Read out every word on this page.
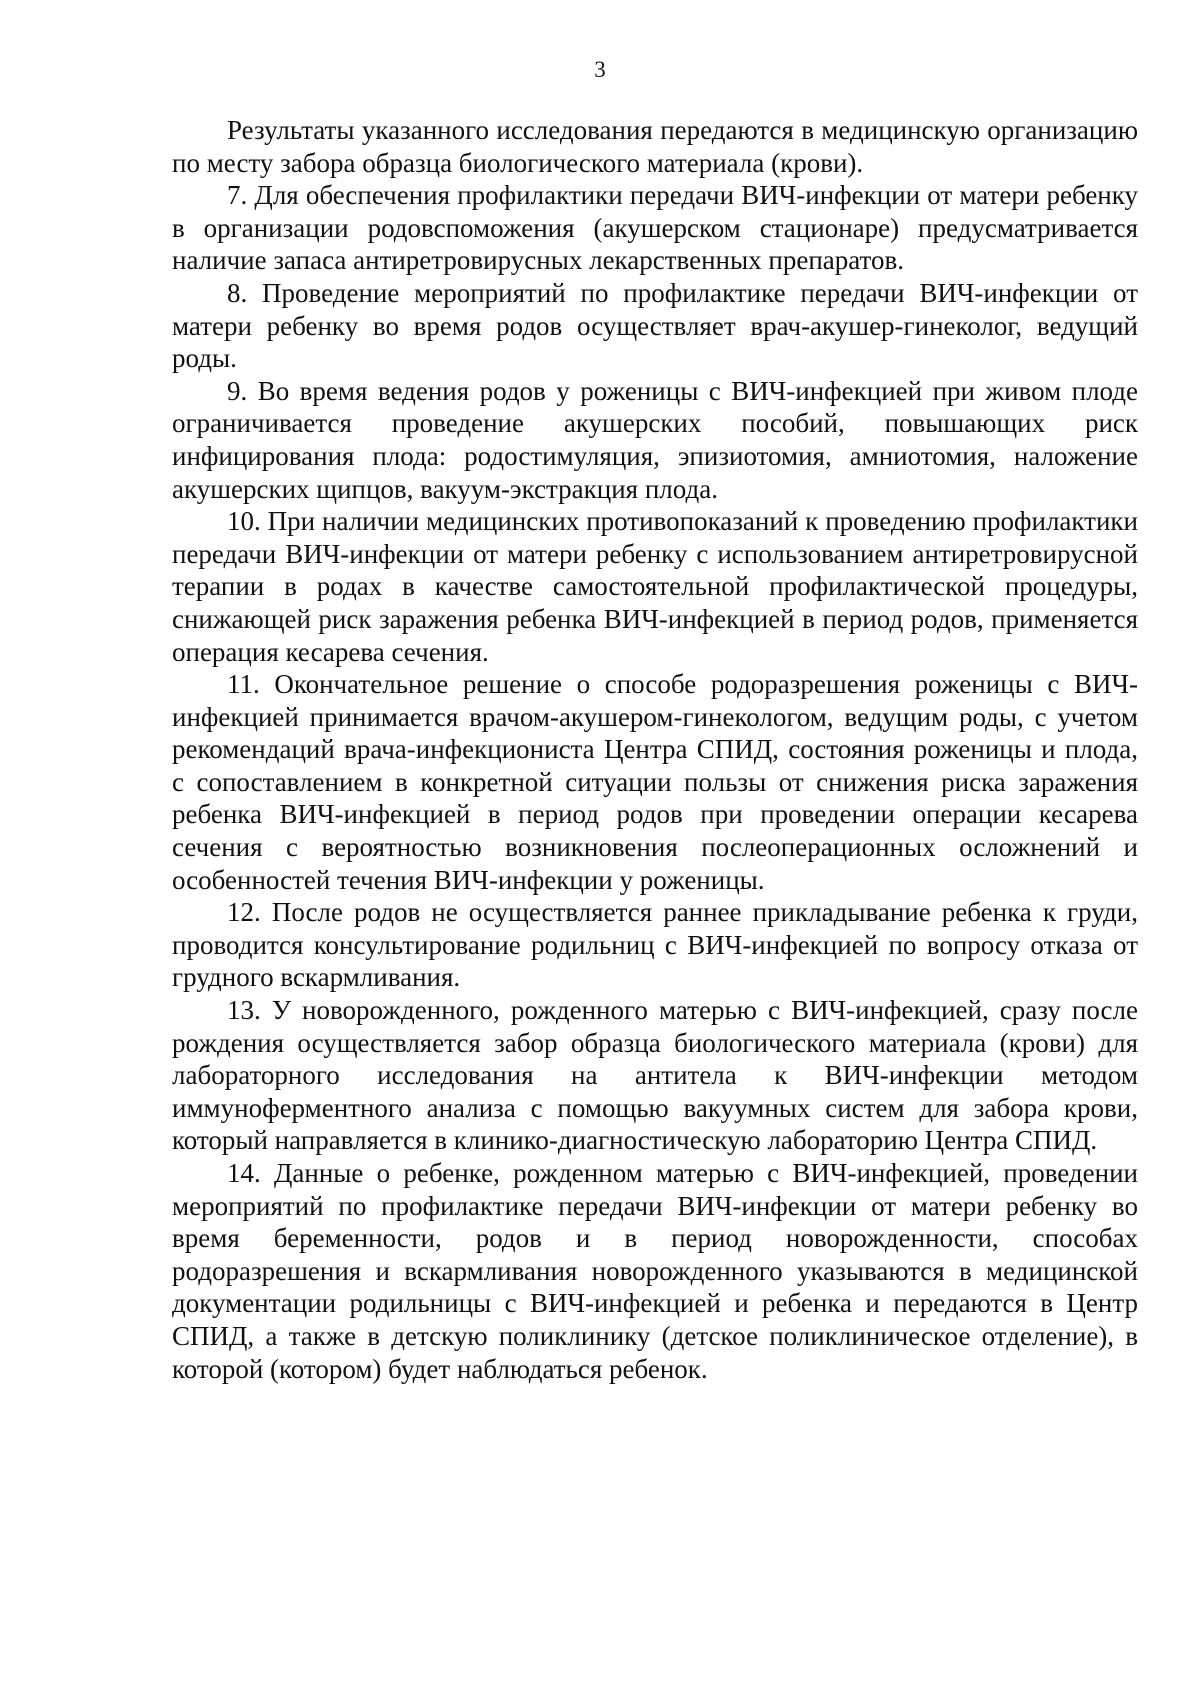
3

Результаты указанного исследования передаются в медицинскую организацию по месту забора образца биологического материала (крови).

7. Для обеспечения профилактики передачи ВИЧ-инфекции от матери ребенку в организации родовспоможения (акушерском стационаре) предусматривается наличие запаса антиретровирусных лекарственных препаратов.

8. Проведение мероприятий по профилактике передачи ВИЧ-инфекции от матери ребенку во время родов осуществляет врач-акушер-гинеколог, ведущий роды.

9. Во время ведения родов у роженицы с ВИЧ-инфекцией при живом плоде ограничивается проведение акушерских пособий, повышающих риск инфицирования плода: родостимуляция, эпизиотомия, амниотомия, наложение акушерских щипцов, вакуум-экстракция плода.

10. При наличии медицинских противопоказаний к проведению профилактики передачи ВИЧ-инфекции от матери ребенку с использованием антиретровирусной терапии в родах в качестве самостоятельной профилактической процедуры, снижающей риск заражения ребенка ВИЧ-инфекцией в период родов, применяется операция кесарева сечения.

11. Окончательное решение о способе родоразрешения роженицы с ВИЧ-инфекцией принимается врачом-акушером-гинекологом, ведущим роды, с учетом рекомендаций врача-инфекциониста Центра СПИД, состояния роженицы и плода, с сопоставлением в конкретной ситуации пользы от снижения риска заражения ребенка ВИЧ-инфекцией в период родов при проведении операции кесарева сечения с вероятностью возникновения послеоперационных осложнений и особенностей течения ВИЧ-инфекции у роженицы.

12. После родов не осуществляется раннее прикладывание ребенка к груди, проводится консультирование родильниц с ВИЧ-инфекцией по вопросу отказа от грудного вскармливания.

13. У новорожденного, рожденного матерью с ВИЧ-инфекцией, сразу после рождения осуществляется забор образца биологического материала (крови) для лабораторного исследования на антитела к ВИЧ-инфекции методом иммуноферментного анализа с помощью вакуумных систем для забора крови, который направляется в клинико-диагностическую лабораторию Центра СПИД.

14. Данные о ребенке, рожденном матерью с ВИЧ-инфекцией, проведении мероприятий по профилактике передачи ВИЧ-инфекции от матери ребенку во время беременности, родов и в период новорожденности, способах родоразрешения и вскармливания новорожденного указываются в медицинской документации родильницы с ВИЧ-инфекцией и ребенка и передаются в Центр СПИД, а также в детскую поликлинику (детское поликлиническое отделение), в которой (котором) будет наблюдаться ребенок.
